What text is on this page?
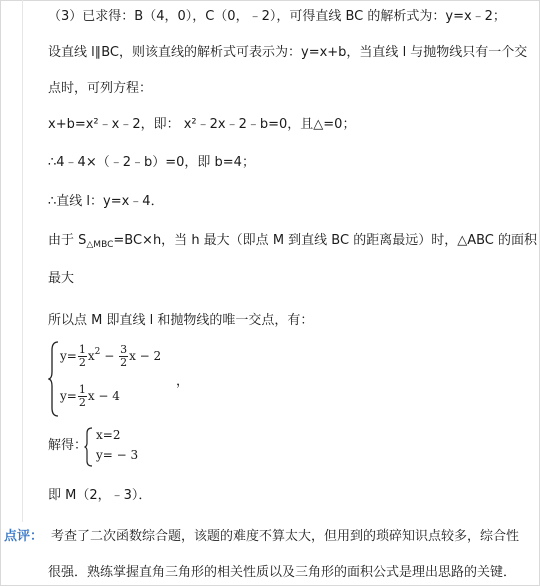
（3）已求得：B（4，0），C（0，﹣2），可得直线 BC 的解析式为：y=x﹣2；
设直线 l∥BC，则该直线的解析式可表示为：y=x+b，当直线 l 与抛物线只有一个交
点时，可列方程：
x+b=x²﹣x﹣2，即： x²﹣2x﹣2﹣b=0，且△=0；
∴4﹣4×（﹣2﹣b）=0，即 b=4；
∴直线 l：y=x﹣4．
由于 $S_{\triangle MBC}=BC\times h$，当 h 最大（即点 M 到直线 BC 的距离最远）时，△ABC 的面积
最大
所以点 M 即直线 l 和抛物线的唯一交点，有：
$y= \frac{1}{2} x^2 - \frac{3}{2}$ x − 2
$y= \frac{1}{2}$ x − 4
，
解得：
x=2
y= − 3
即 M（2，﹣3）．
点评： 考查了二次函数综合题，该题的难度不算太大，但用到的琐碎知识点较多，综合性
很强．熟练掌握直角三角形的相关性质以及三角形的面积公式是理出思路的关键．
